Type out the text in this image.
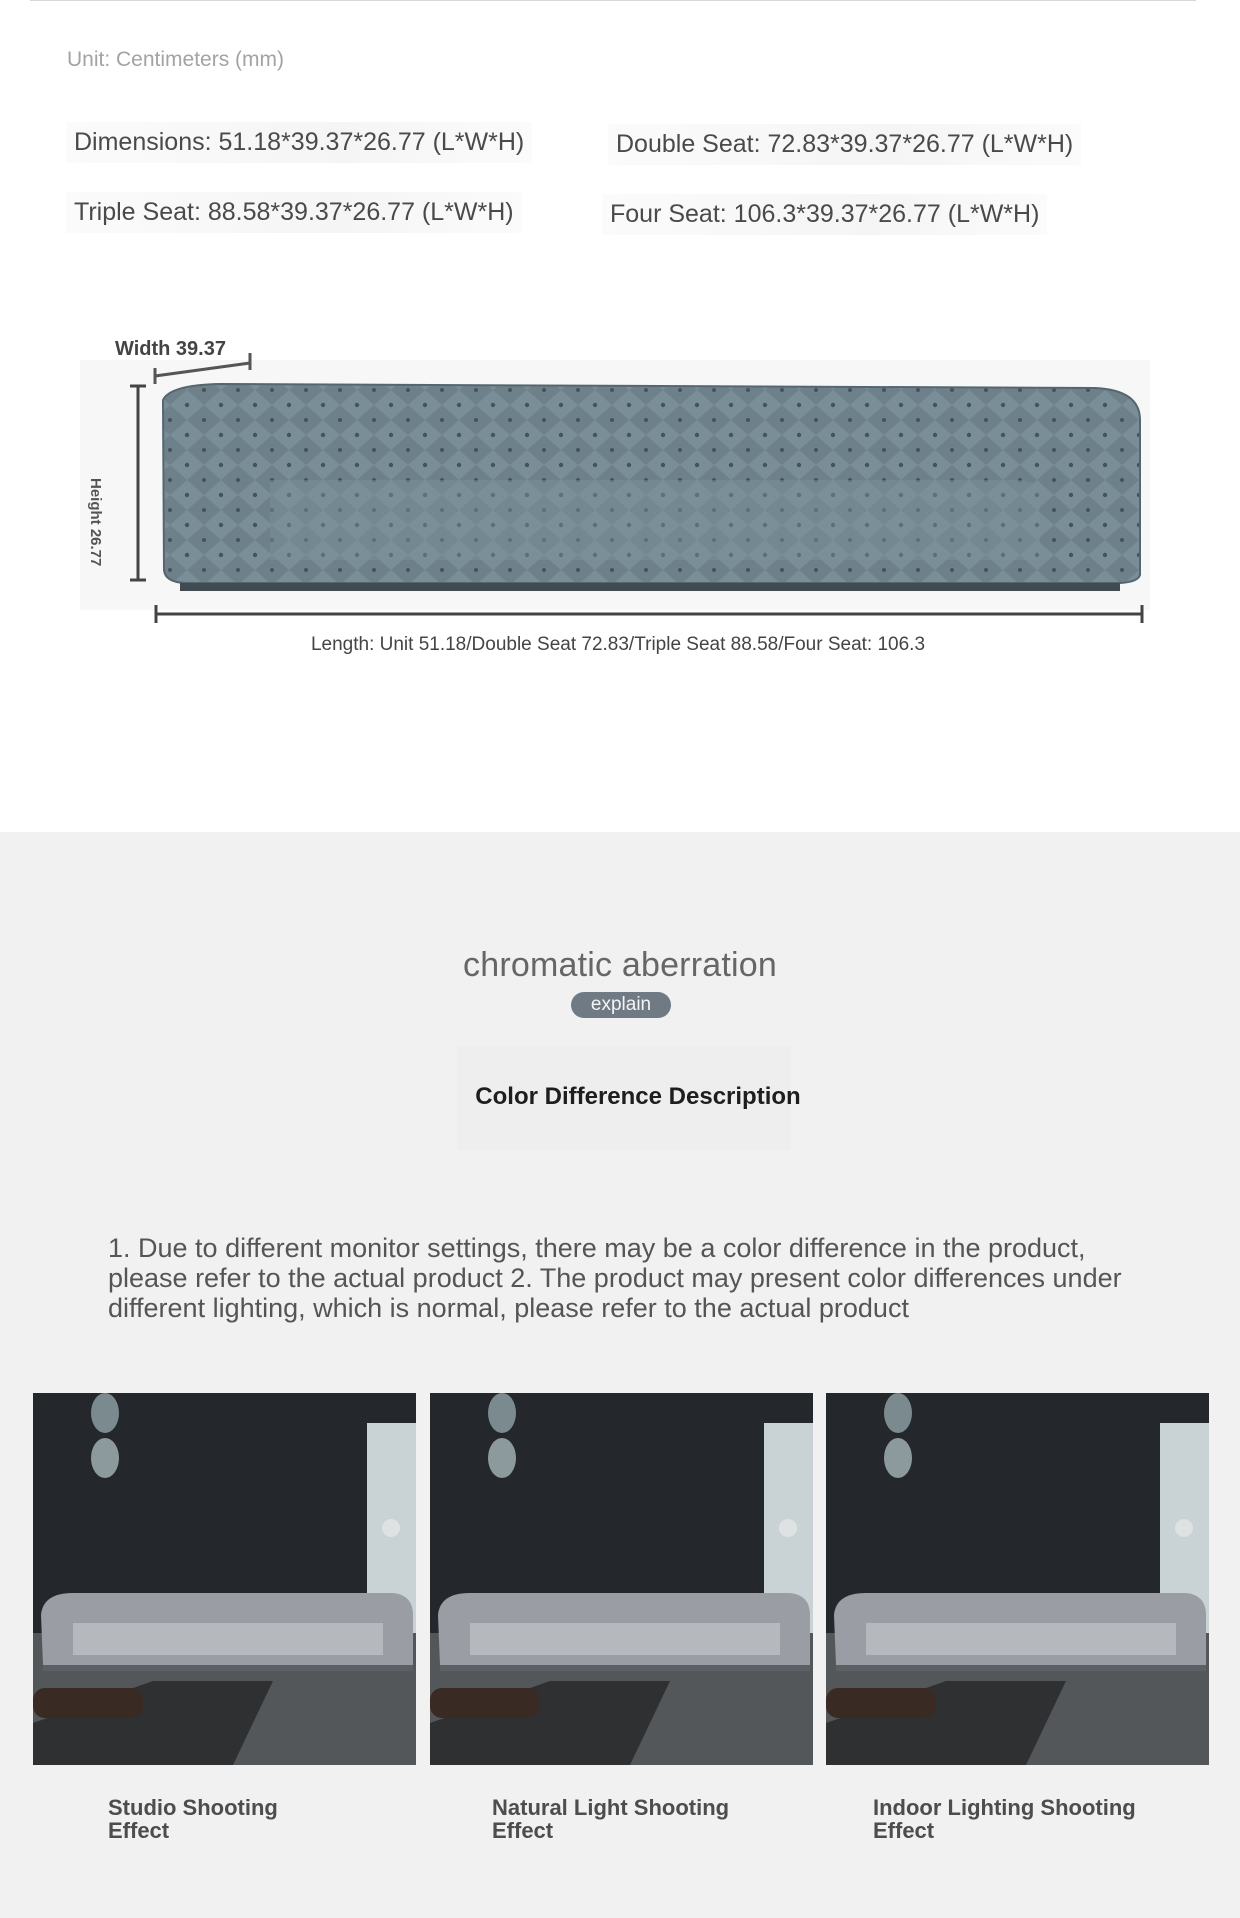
Unit: Centimeters (mm)
Dimensions: 51.18*39.37*26.77 (L*W*H)	Double Seat: 72.83*39.37*26.77 (L*W*H)
Triple Seat: 88.58*39.37*26.77 (L*W*H)	Four Seat: 106.3*39.37*26.77 (L*W*H)
Width 39.37
Height 26.77
Length: Unit 51.18/Double Seat 72.83/Triple Seat 88.58/Four Seat: 106.3
chromatic aberration
explain
Color Difference Description
1. Due to different monitor settings, there may be a color difference in the product, please refer to the actual product 2. The product may present color differences under different lighting, which is normal, please refer to the actual product
Studio Shooting Effect
Natural Light Shooting Effect
Indoor Lighting Shooting Effect
